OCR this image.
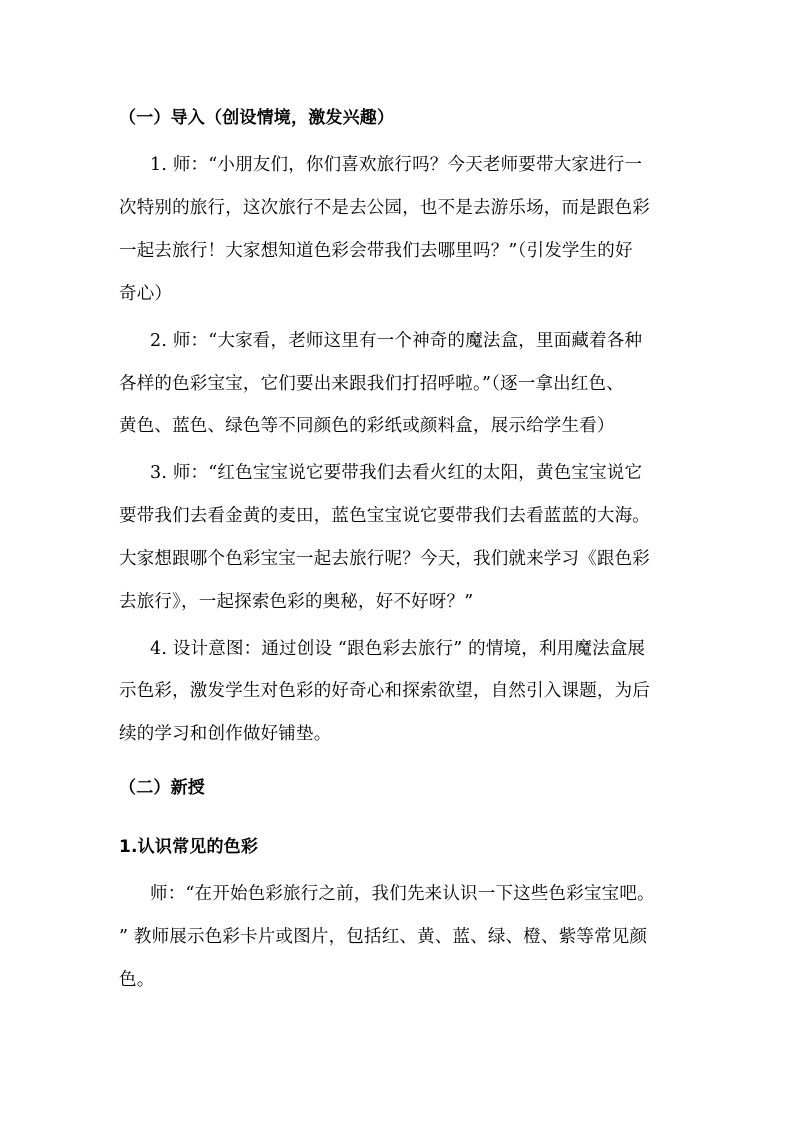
（一）导入（创设情境，激发兴趣）
1. 师：“小朋友们，你们喜欢旅行吗？今天老师要带大家进行一
次特别的旅行，这次旅行不是去公园，也不是去游乐场，而是跟色彩
一起去旅行！大家想知道色彩会带我们去哪里吗？”（引发学生的好
奇心）
2. 师：“大家看，老师这里有一个神奇的魔法盒，里面藏着各种
各样的色彩宝宝，它们要出来跟我们打招呼啦。”（逐一拿出红色、
黄色、蓝色、绿色等不同颜色的彩纸或颜料盒，展示给学生看）
3. 师：“红色宝宝说它要带我们去看火红的太阳，黄色宝宝说它
要带我们去看金黄的麦田，蓝色宝宝说它要带我们去看蓝蓝的大海。
大家想跟哪个色彩宝宝一起去旅行呢？今天，我们就来学习《跟色彩
去旅行》，一起探索色彩的奥秘，好不好呀？”
4. 设计意图：通过创设 “跟色彩去旅行” 的情境，利用魔法盒展
示色彩，激发学生对色彩的好奇心和探索欲望，自然引入课题，为后
续的学习和创作做好铺垫。
（二）新授
1.认识常见的色彩
师：“在开始色彩旅行之前，我们先来认识一下这些色彩宝宝吧。
” 教师展示色彩卡片或图片，包括红、黄、蓝、绿、橙、紫等常见颜
色。
